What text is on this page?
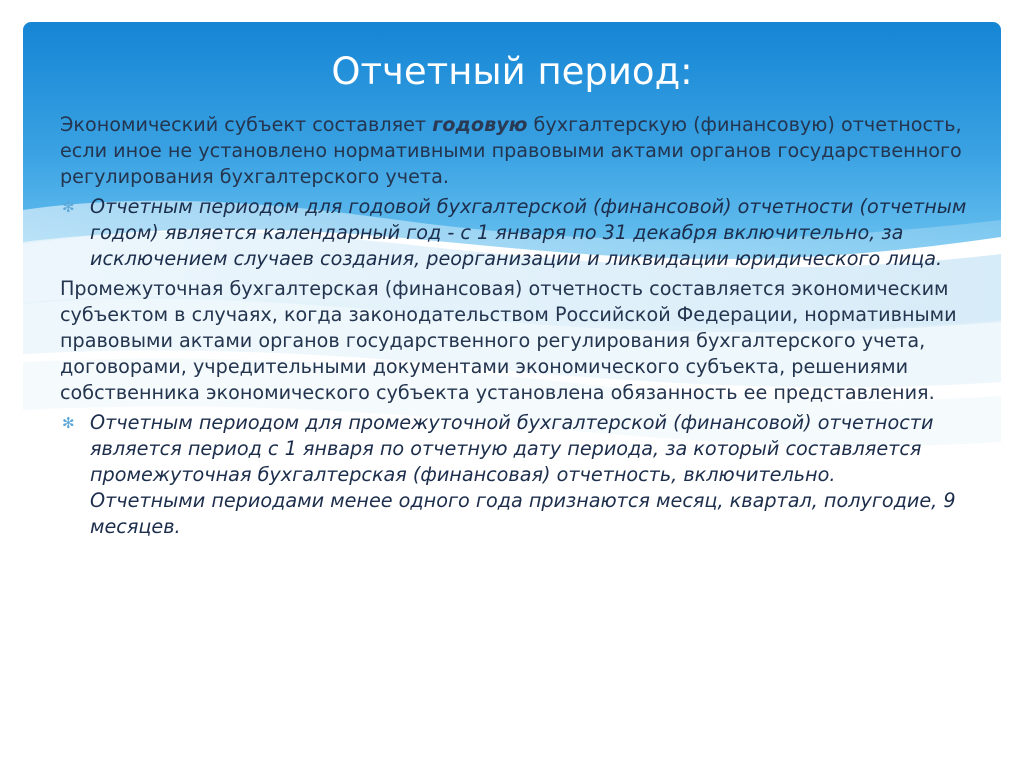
Отчетный период:

Экономический субъект составляет годовую бухгалтерскую (финансовую) отчетность, если иное не установлено нормативными правовыми актами органов государственного регулирования бухгалтерского учета.

✻ Отчетным периодом для годовой бухгалтерской (финансовой) отчетности (отчетным годом) является календарный год - с 1 января по 31 декабря включительно, за исключением случаев создания, реорганизации и ликвидации юридического лица.

Промежуточная бухгалтерская (финансовая) отчетность составляется экономическим субъектом в случаях, когда законодательством Российской Федерации, нормативными правовыми актами органов государственного регулирования бухгалтерского учета, договорами, учредительными документами экономического субъекта, решениями собственника экономического субъекта установлена обязанность ее представления.

✻ Отчетным периодом для промежуточной бухгалтерской (финансовой) отчетности является период с 1 января по отчетную дату периода, за который составляется промежуточная бухгалтерская (финансовая) отчетность, включительно.
Отчетными периодами менее одного года признаются месяц, квартал, полугодие, 9 месяцев.
